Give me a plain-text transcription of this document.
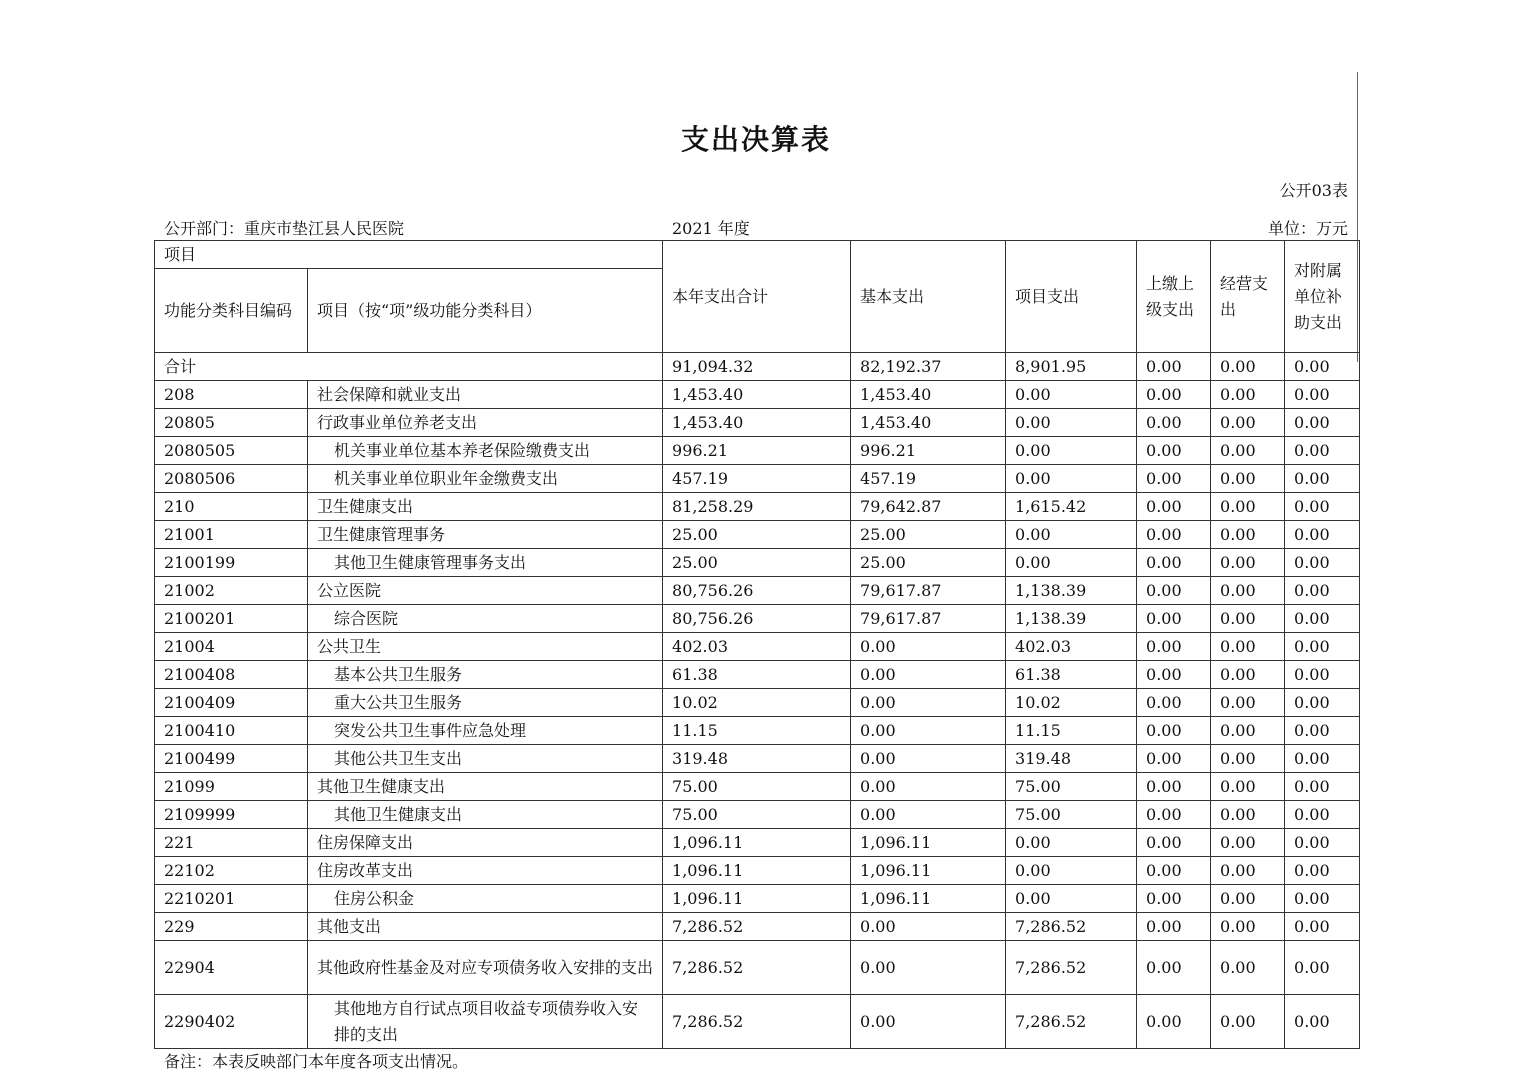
支出决算表
公开03表
公开部门：重庆市垫江县人民医院	2021 年度	单位：万元
项目		本年支出合计	基本支出	项目支出	上缴上级支出	经营支出	对附属单位补助支出
功能分类科目编码	项目（按“项”级功能分类科目）						
合计		91,094.32	82,192.37	8,901.95	0.00	0.00	0.00
208	社会保障和就业支出	1,453.40	1,453.40	0.00	0.00	0.00	0.00
20805	行政事业单位养老支出	1,453.40	1,453.40	0.00	0.00	0.00	0.00
2080505	机关事业单位基本养老保险缴费支出	996.21	996.21	0.00	0.00	0.00	0.00
2080506	机关事业单位职业年金缴费支出	457.19	457.19	0.00	0.00	0.00	0.00
210	卫生健康支出	81,258.29	79,642.87	1,615.42	0.00	0.00	0.00
21001	卫生健康管理事务	25.00	25.00	0.00	0.00	0.00	0.00
2100199	其他卫生健康管理事务支出	25.00	25.00	0.00	0.00	0.00	0.00
21002	公立医院	80,756.26	79,617.87	1,138.39	0.00	0.00	0.00
2100201	综合医院	80,756.26	79,617.87	1,138.39	0.00	0.00	0.00
21004	公共卫生	402.03	0.00	402.03	0.00	0.00	0.00
2100408	基本公共卫生服务	61.38	0.00	61.38	0.00	0.00	0.00
2100409	重大公共卫生服务	10.02	0.00	10.02	0.00	0.00	0.00
2100410	突发公共卫生事件应急处理	11.15	0.00	11.15	0.00	0.00	0.00
2100499	其他公共卫生支出	319.48	0.00	319.48	0.00	0.00	0.00
21099	其他卫生健康支出	75.00	0.00	75.00	0.00	0.00	0.00
2109999	其他卫生健康支出	75.00	0.00	75.00	0.00	0.00	0.00
221	住房保障支出	1,096.11	1,096.11	0.00	0.00	0.00	0.00
22102	住房改革支出	1,096.11	1,096.11	0.00	0.00	0.00	0.00
2210201	住房公积金	1,096.11	1,096.11	0.00	0.00	0.00	0.00
229	其他支出	7,286.52	0.00	7,286.52	0.00	0.00	0.00
22904	其他政府性基金及对应专项债务收入安排的支出	7,286.52	0.00	7,286.52	0.00	0.00	0.00
2290402	其他地方自行试点项目收益专项债券收入安排的支出	7,286.52	0.00	7,286.52	0.00	0.00	0.00
备注：本表反映部门本年度各项支出情况。
